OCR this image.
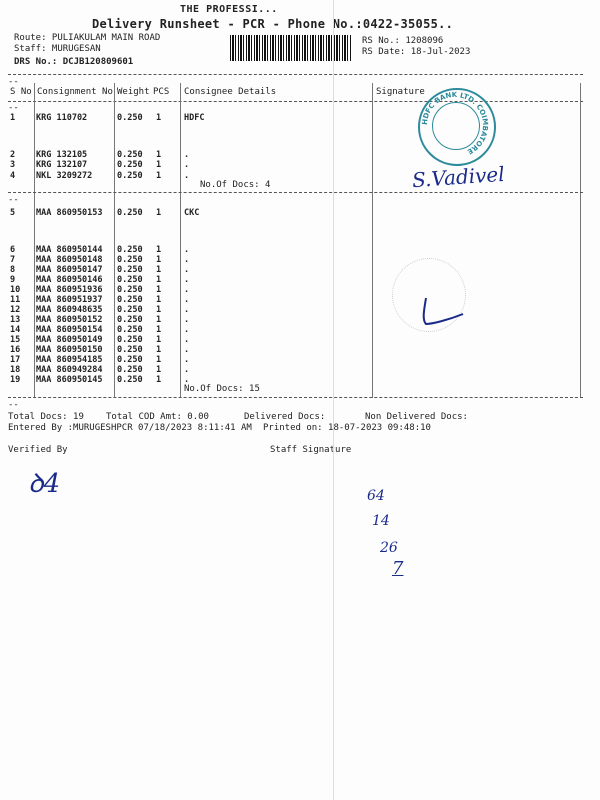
THE PROFESSI...
Delivery Runsheet - PCR - Phone No.:0422-35055..
Route: PULIAKULAM MAIN ROAD
Staff: MURUGESAN
DRS No.: DCJB120809601
RS No.: 1208096
RS Date: 18-Jul-2023
--
S No Consignment No Weight PCS Consignee Details	Signature
--
1 KRG 110702	0.250 1	HDFC
2 KRG 132105	0.250 1	.
3 KRG 132107	0.250 1	.
4 NKL 3209272	0.250 1	.
No.Of Docs: 4
--
5 MAA 860950153 0.250 1	CKC
6 MAA 860950144 0.250 1	.
7 MAA 860950148 0.250 1	.
8 MAA 860950147 0.250 1	.
9 MAA 860950146 0.250 1	.
10 MAA 860951936 0.250 1	.
11 MAA 860951937 0.250 1	.
12 MAA 860948635 0.250 1	.
13 MAA 860950152 0.250 1	.
14 MAA 860950154 0.250 1	.
15 MAA 860950149 0.250 1	.
16 MAA 860950150 0.250 1	.
17 MAA 860954185 0.250 1	.
18 MAA 860949284 0.250 1	.
19 MAA 860950145 0.250 1	.
No.Of Docs: 15
--
Total Docs: 19 Total COD Amt: 0.00	Delivered Docs:	Non Delivered Docs:
Entered By :MURUGESHPCR 07/18/2023 8:11:41 AM Printed on: 18-07-2023 09:48:10
Verified By	Staff Signature
HDFC BANK LTD. COIMBATORE
S.Vadivel
ꝺ4	64
14
26
7
